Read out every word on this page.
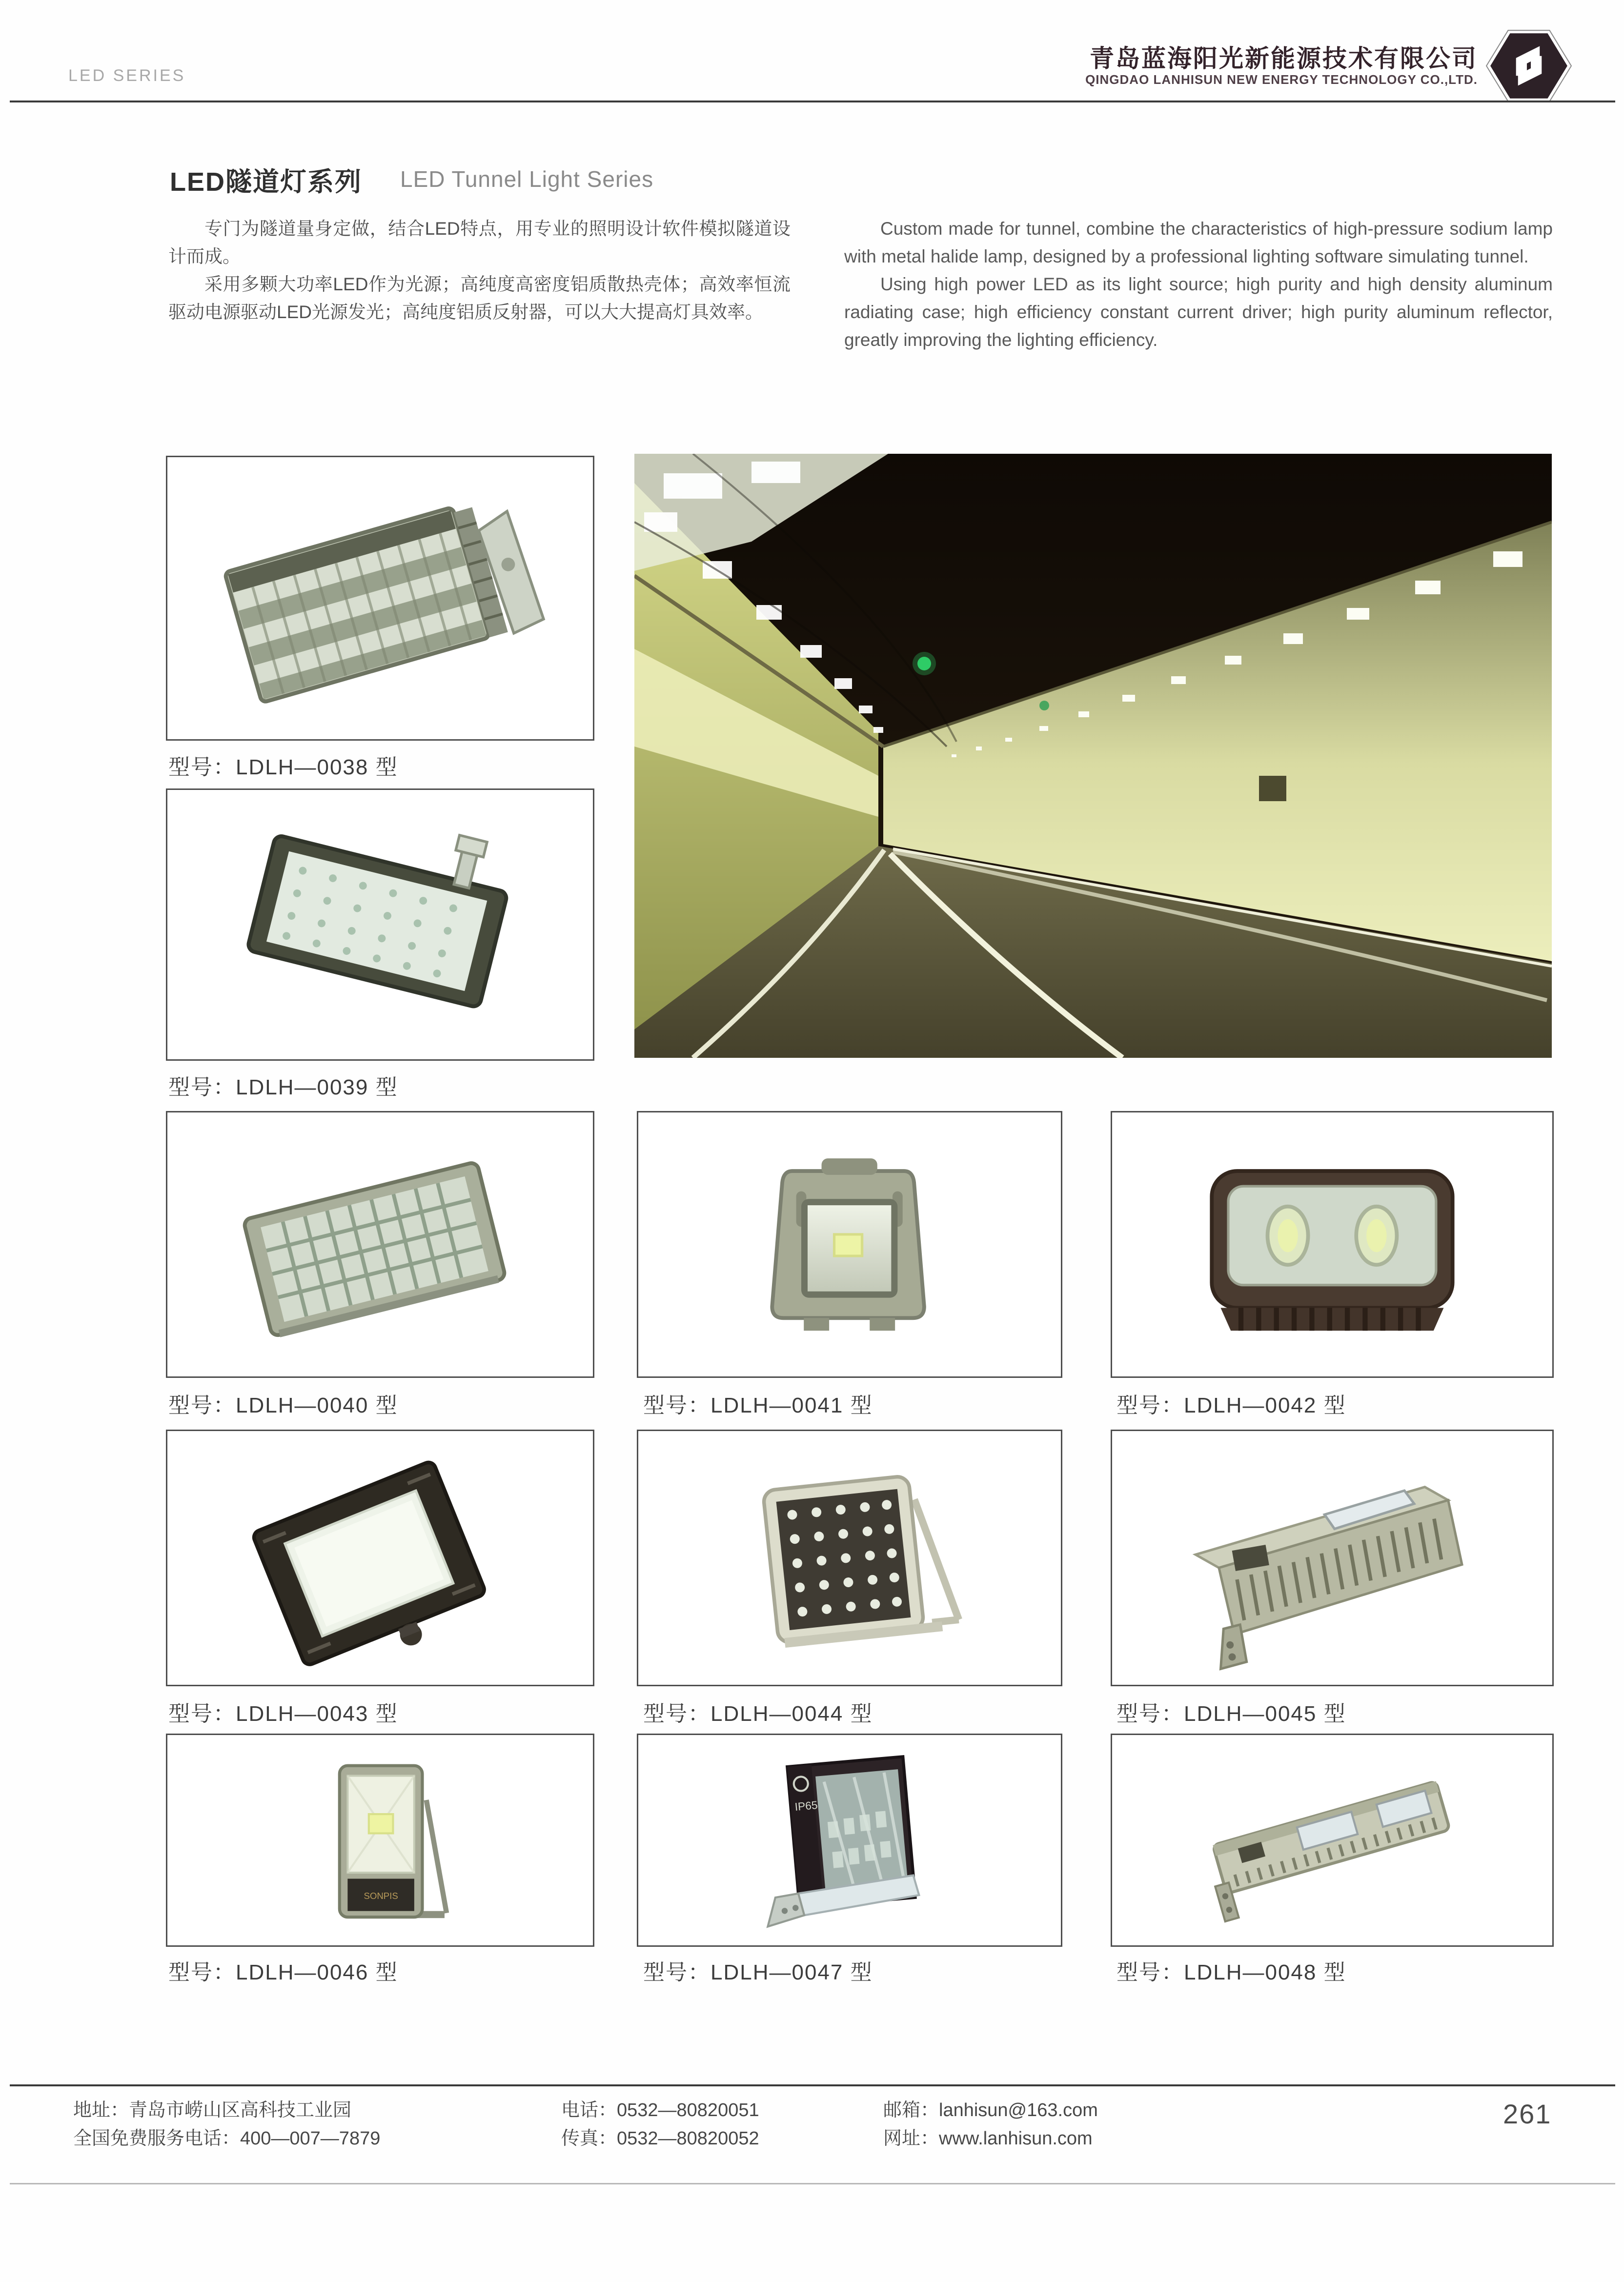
LED SERIES
青岛蓝海阳光新能源技术有限公司
QINGDAO LANHISUN NEW ENERGY TECHNOLOGY CO.,LTD.
LED隧道灯系列 LED Tunnel Light Series

专门为隧道量身定做，结合LED特点，用专业的照明设计软件模拟隧道设计而成。

采用多颗大功率LED作为光源；高纯度高密度铝质散热壳体；高效率恒流驱动电源驱动LED光源发光；高纯度铝质反射器，可以大大提高灯具效率。

Custom made for tunnel, combine the characteristics of high-pressure sodium lamp with metal halide lamp, designed by a professional lighting software simulating tunnel.

Using high power LED as its light source; high purity and high density aluminum radiating case; high efficiency constant current driver; high purity aluminum reflector, greatly improving the lighting efficiency.

型号：LDLH—0038 型
型号：LDLH—0039 型
型号：LDLH—0040 型	型号：LDLH—0041 型	型号：LDLH—0042 型
型号：LDLH—0043 型	型号：LDLH—0044 型	型号：LDLH—0045 型
SONPIS
IP65
型号：LDLH—0046 型	型号：LDLH—0047 型	型号：LDLH—0048 型
地址：青岛市崂山区高科技工业园
全国免费服务电话：400—007—7879
电话：0532—80820051
传真：0532—80820052
邮箱：lanhisun@163.com
网址：www.lanhisun.com
261
